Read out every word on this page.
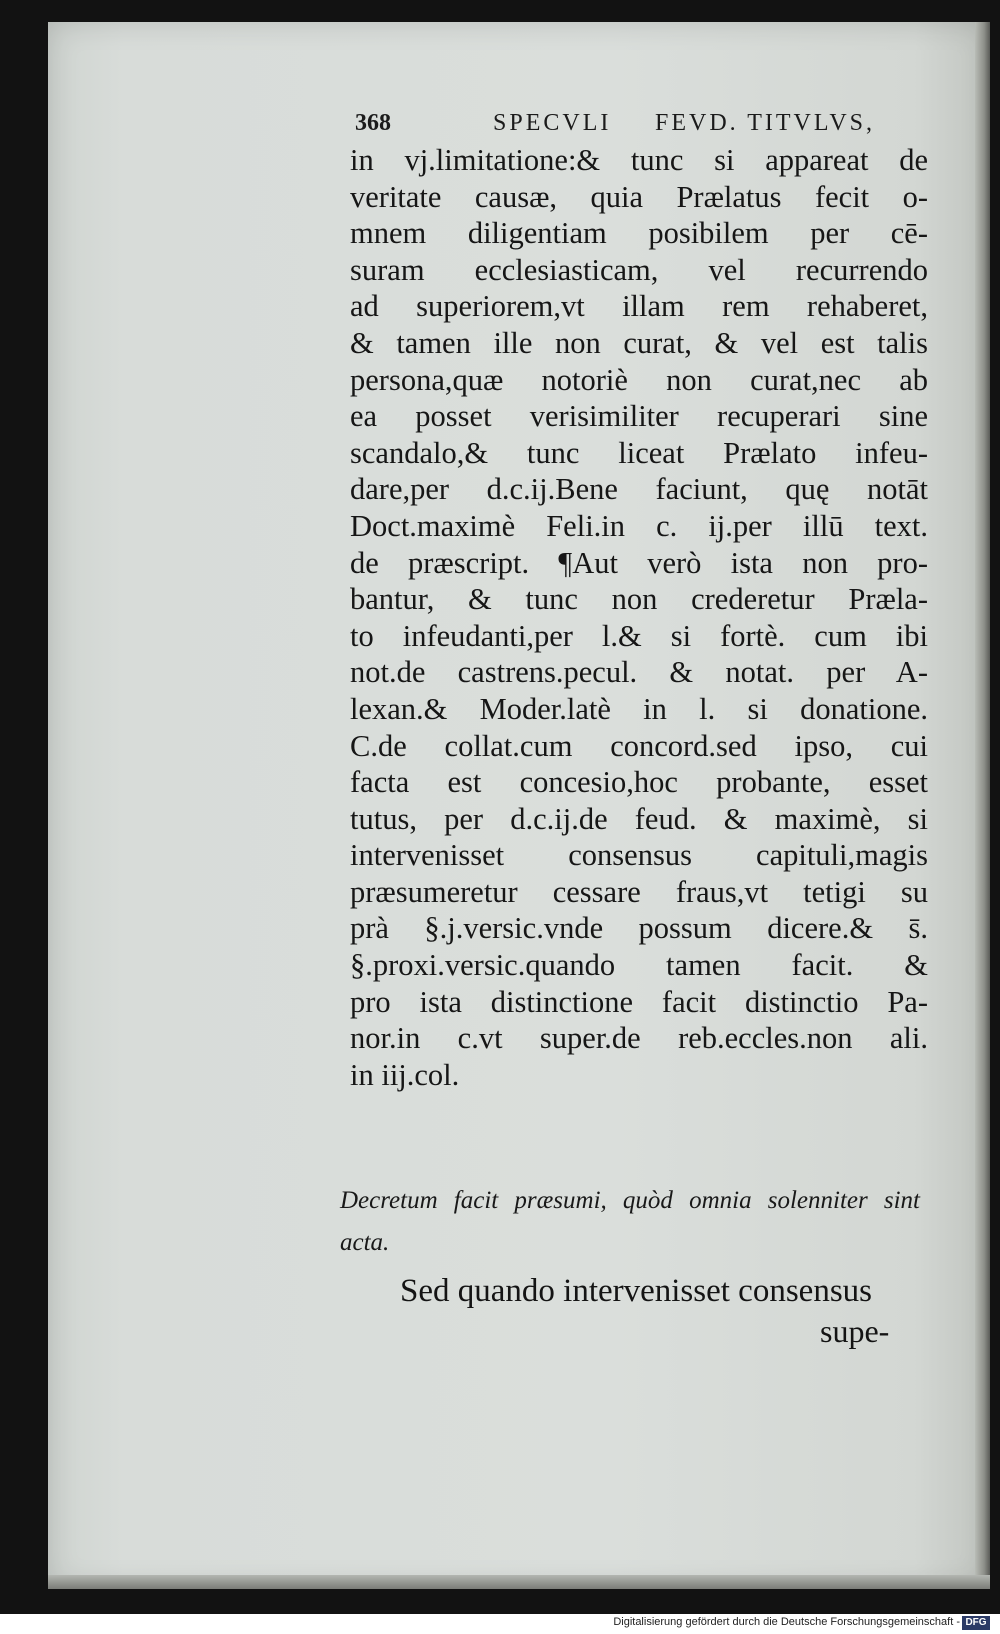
368	SPECVLI FEVD. TITVLVS,
in vj.limitatione:& tunc si appareat de
veritate causæ, quia Prælatus fecit o-
mnem diligentiam posibilem per cē-
suram ecclesiasticam, vel recurrendo
ad superiorem,vt illam rem rehaberet,
& tamen ille non curat, & vel est talis
persona,quæ notoriè non curat,nec ab
ea posset verisimiliter recuperari sine
scandalo,& tunc liceat Prælato infeu-
dare,per d.c.ij.Bene faciunt, quę notāt
Doct.maximè Feli.in c. ij.per illū text.
de præscript. ¶Aut verò ista non pro-
bantur, & tunc non crederetur Præla-
to infeudanti,per l.& si fortè. cum ibi
not.de castrens.pecul. & notat. per A-
lexan.& Moder.latè in l. si donatione.
C.de collat.cum concord.sed ipso, cui
facta est concesio,hoc probante, esset
tutus, per d.c.ij.de feud. & maximè, si
intervenisset consensus capituli,magis
præsumeretur cessare fraus,vt tetigi su
prà §.j.versic.vnde possum dicere.& s̄.
§.proxi.versic.quando tamen facit. &
pro ista distinctione facit distinctio Pa-
nor.in c.vt super.de reb.eccles.non ali.
in iij.col.
Decretum facit præsumi, quòd omnia solenniter sint
acta.
Sed quando intervenisset consensus
supe-
Digitalisierung gefördert durch die Deutsche Forschungsgemeinschaft - DFG
